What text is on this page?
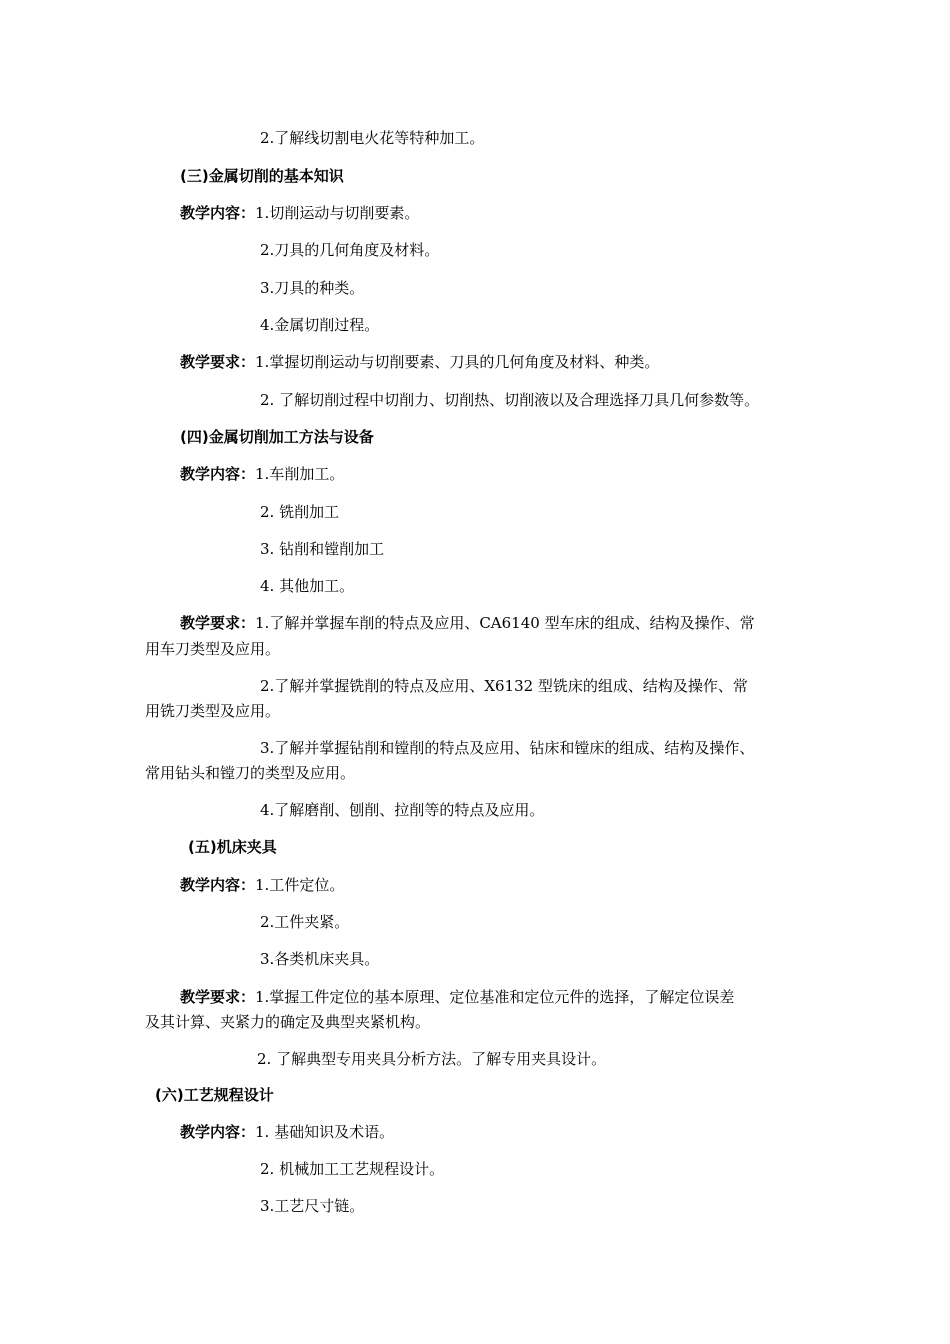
2.了解线切割电火花等特种加工。
(三)金属切削的基本知识
教学内容：1.切削运动与切削要素。
2.刀具的几何角度及材料。
3.刀具的种类。
4.金属切削过程。
教学要求：1.掌握切削运动与切削要素、刀具的几何角度及材料、种类。
2. 了解切削过程中切削力、切削热、切削液以及合理选择刀具几何参数等。
(四)金属切削加工方法与设备
教学内容：1.车削加工。
2. 铣削加工
3. 钻削和镗削加工
4. 其他加工。
教学要求：1.了解并掌握车削的特点及应用、CA6140 型车床的组成、结构及操作、常
用车刀类型及应用。
2.了解并掌握铣削的特点及应用、X6132 型铣床的组成、结构及操作、常
用铣刀类型及应用。
3.了解并掌握钻削和镗削的特点及应用、钻床和镗床的组成、结构及操作、
常用钻头和镗刀的类型及应用。
4.了解磨削、刨削、拉削等的特点及应用。
(五)机床夹具
教学内容：1.工件定位。
2.工件夹紧。
3.各类机床夹具。
教学要求：1.掌握工件定位的基本原理、定位基准和定位元件的选择，了解定位误差
及其计算、夹紧力的确定及典型夹紧机构。
2. 了解典型专用夹具分析方法。了解专用夹具设计。
(六)工艺规程设计
教学内容：1. 基础知识及术语。
2. 机械加工工艺规程设计。
3.工艺尺寸链。
